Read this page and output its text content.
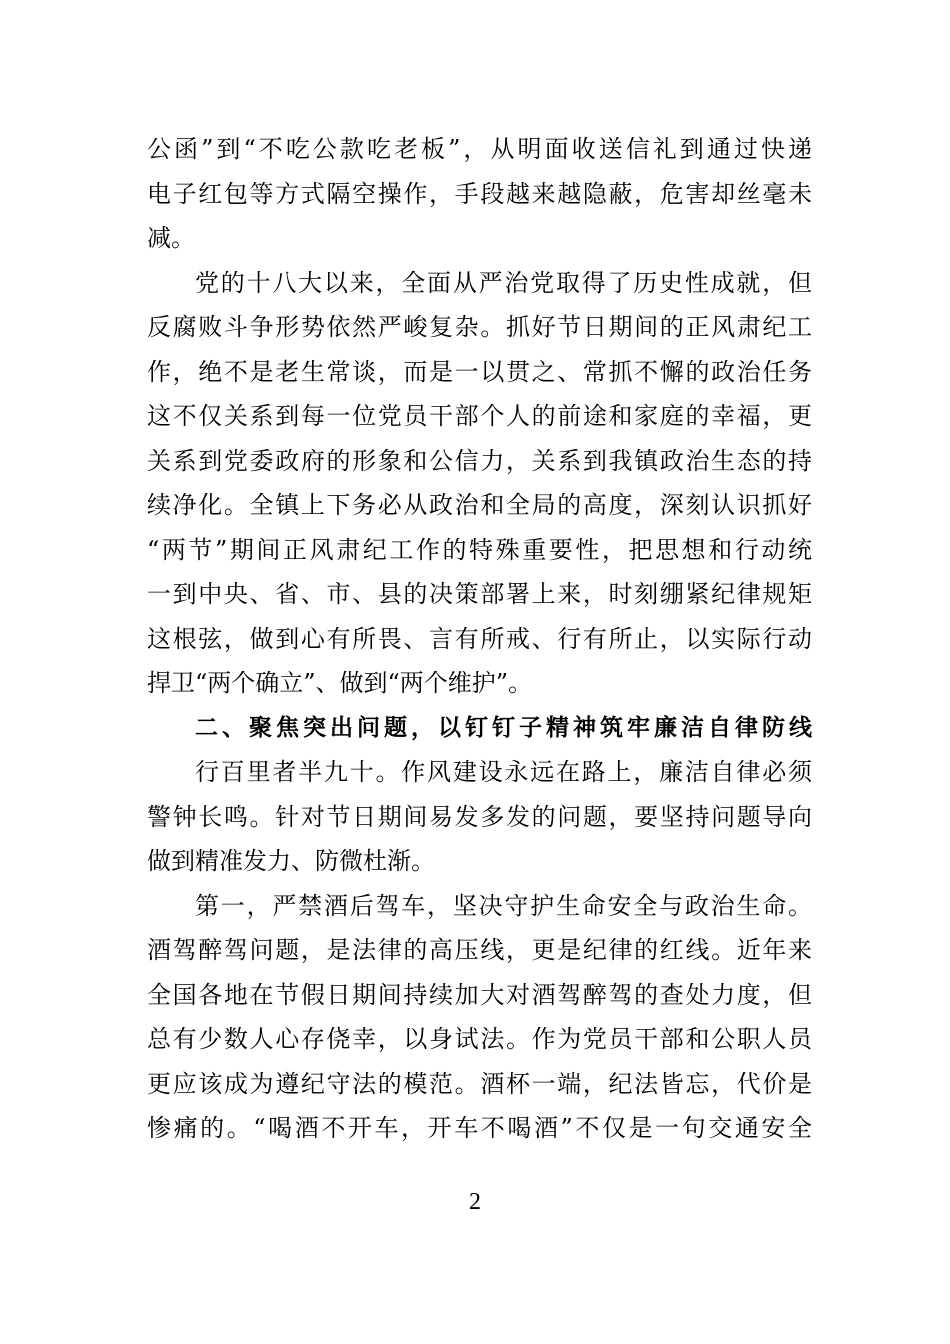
公函”到“不吃公款吃老板”，从明面收送信礼到通过快递
电子红包等方式隔空操作，手段越来越隐蔽，危害却丝毫未
减。
党的十八大以来，全面从严治党取得了历史性成就，但
反腐败斗争形势依然严峻复杂。抓好节日期间的正风肃纪工
作，绝不是老生常谈，而是一以贯之、常抓不懈的政治任务
这不仅关系到每一位党员干部个人的前途和家庭的幸福，更
关系到党委政府的形象和公信力，关系到我镇政治生态的持
续净化。全镇上下务必从政治和全局的高度，深刻认识抓好
“两节”期间正风肃纪工作的特殊重要性，把思想和行动统
一到中央、省、市、县的决策部署上来，时刻绷紧纪律规矩
这根弦，做到心有所畏、言有所戒、行有所止，以实际行动
捍卫“两个确立”、做到“两个维护”。
二、聚焦突出问题，以钉钉子精神筑牢廉洁自律防线
行百里者半九十。作风建设永远在路上，廉洁自律必须
警钟长鸣。针对节日期间易发多发的问题，要坚持问题导向
做到精准发力、防微杜渐。
第一，严禁酒后驾车，坚决守护生命安全与政治生命。
酒驾醉驾问题，是法律的高压线，更是纪律的红线。近年来
全国各地在节假日期间持续加大对酒驾醉驾的查处力度，但
总有少数人心存侥幸，以身试法。作为党员干部和公职人员
更应该成为遵纪守法的模范。酒杯一端，纪法皆忘，代价是
惨痛的。“喝酒不开车，开车不喝酒”不仅是一句交通安全
2
